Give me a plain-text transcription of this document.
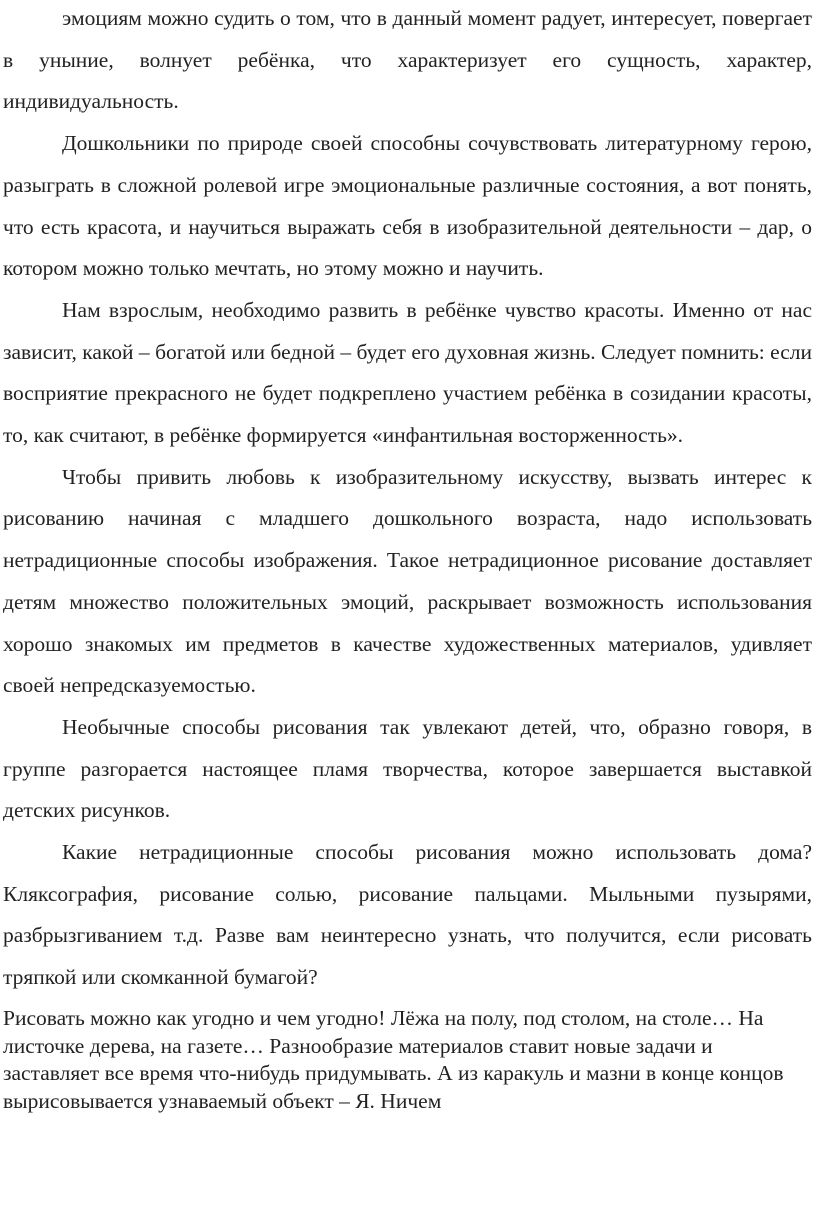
эмоциям можно судить о том, что в данный момент радует, интересует, повергает в уныние, волнует ребёнка, что характеризует его сущность, характер, индивидуальность.

Дошкольники по природе своей способны сочувствовать литературному герою, разыграть в сложной ролевой игре эмоциональные различные состояния, а вот понять, что есть красота, и научиться выражать себя в изобразительной деятельности – дар, о котором можно только мечтать, но этому можно и научить.

Нам взрослым, необходимо развить в ребёнке чувство красоты. Именно от нас зависит, какой – богатой или бедной – будет его духовная жизнь. Следует помнить: если восприятие прекрасного не будет подкреплено участием ребёнка в созидании красоты, то, как считают, в ребёнке формируется «инфантильная восторженность».

Чтобы привить любовь к изобразительному искусству, вызвать интерес к рисованию начиная с младшего дошкольного возраста, надо использовать нетрадиционные способы изображения. Такое нетрадиционное рисование доставляет детям множество положительных эмоций, раскрывает возможность использования хорошо знакомых им предметов в качестве художественных материалов, удивляет своей непредсказуемостью.

Необычные способы рисования так увлекают детей, что, образно говоря, в группе разгорается настоящее пламя творчества, которое завершается выставкой детских рисунков.

Какие нетрадиционные способы рисования можно использовать дома? Кляксография, рисование солью, рисование пальцами. Мыльными пузырями, разбрызгиванием т.д. Разве вам неинтересно узнать, что получится, если рисовать тряпкой или скомканной бумагой?

Рисовать можно как угодно и чем угодно! Лёжа на полу, под столом, на столе… На листочке дерева, на газете… Разнообразие материалов ставит новые задачи и заставляет все время что-нибудь придумывать. А из каракуль и мазни в конце концов вырисовывается узнаваемый объект – Я. Ничем
